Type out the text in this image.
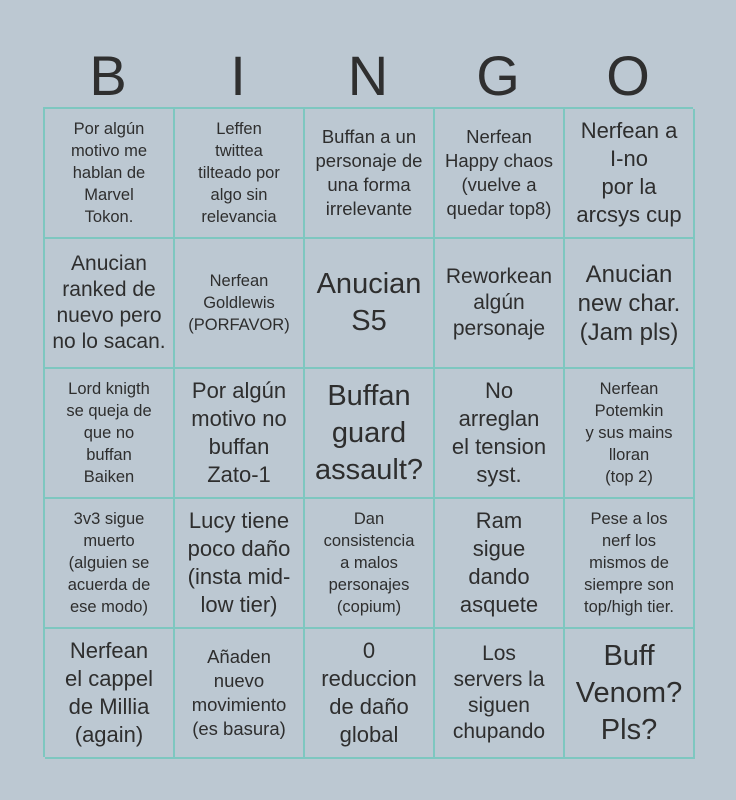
B	I	N	G	O
Por algún
motivo me
hablan de
Marvel
Tokon.
Leffen
twittea
tilteado por
algo sin
relevancia
Buffan a un
personaje de
una forma
irrelevante
Nerfean
Happy chaos
(vuelve a
quedar top8)
Nerfean a
I-no
por la
arcsys cup
Anucian
ranked de
nuevo pero
no lo sacan.
Nerfean
Goldlewis
(PORFAVOR)
Anucian
S5
Reworkean
algún
personaje
Anucian
new char.
(Jam pls)
Lord knigth
se queja de
que no
buffan
Baiken
Por algún
motivo no
buffan
Zato-1
Buffan
guard
assault?
No
arreglan
el tension
syst.
Nerfean
Potemkin
y sus mains
lloran
(top 2)
3v3 sigue
muerto
(alguien se
acuerda de
ese modo)
Lucy tiene
poco daño
(insta mid-
low tier)
Dan
consistencia
a malos
personajes
(copium)
Ram
sigue
dando
asquete
Pese a los
nerf los
mismos de
siempre son
top/high tier.
Nerfean
el cappel
de Millia
(again)
Añaden
nuevo
movimiento
(es basura)
0
reduccion
de daño
global
Los
servers la
siguen
chupando
Buff
Venom?
Pls?
